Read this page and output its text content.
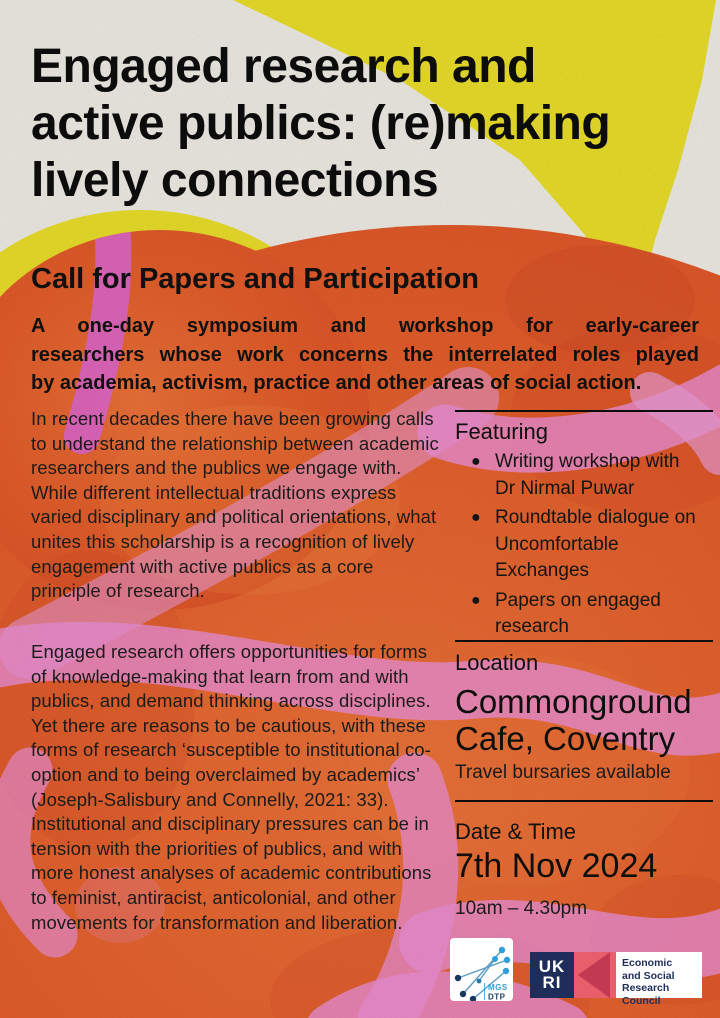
Engaged research and active publics: (re)making lively connections
Call for Papers and Participation
A one-day symposium and workshop for early-career
researchers whose work concerns the interrelated roles played
by academia, activism, practice and other areas of social action.

In recent decades there have been growing calls to understand the relationship between academic researchers and the publics we engage with. While different intellectual traditions express varied disciplinary and political orientations, what unites this scholarship is a recognition of lively engagement with active publics as a core principle of research.

Engaged research offers opportunities for forms of knowledge-making that learn from and with publics, and demand thinking across disciplines. Yet there are reasons to be cautious, with these forms of research ‘susceptible to institutional co-option and to being overclaimed by academics’ (Joseph-Salisbury and Connelly, 2021: 33). Institutional and disciplinary pressures can be in tension with the priorities of publics, and with more honest analyses of academic contributions to feminist, antiracist, anticolonial, and other movements for transformation and liberation.

Featuring
● Writing workshop with Dr Nirmal Puwar
● Roundtable dialogue on Uncomfortable Exchanges
● Papers on engaged research
Location
Commonground Cafe, Coventry
Travel bursaries available
Date & Time
7th Nov 2024
10am – 4.30pm
MGS
DTP
UK
RI
Economic
and Social
Research Council
